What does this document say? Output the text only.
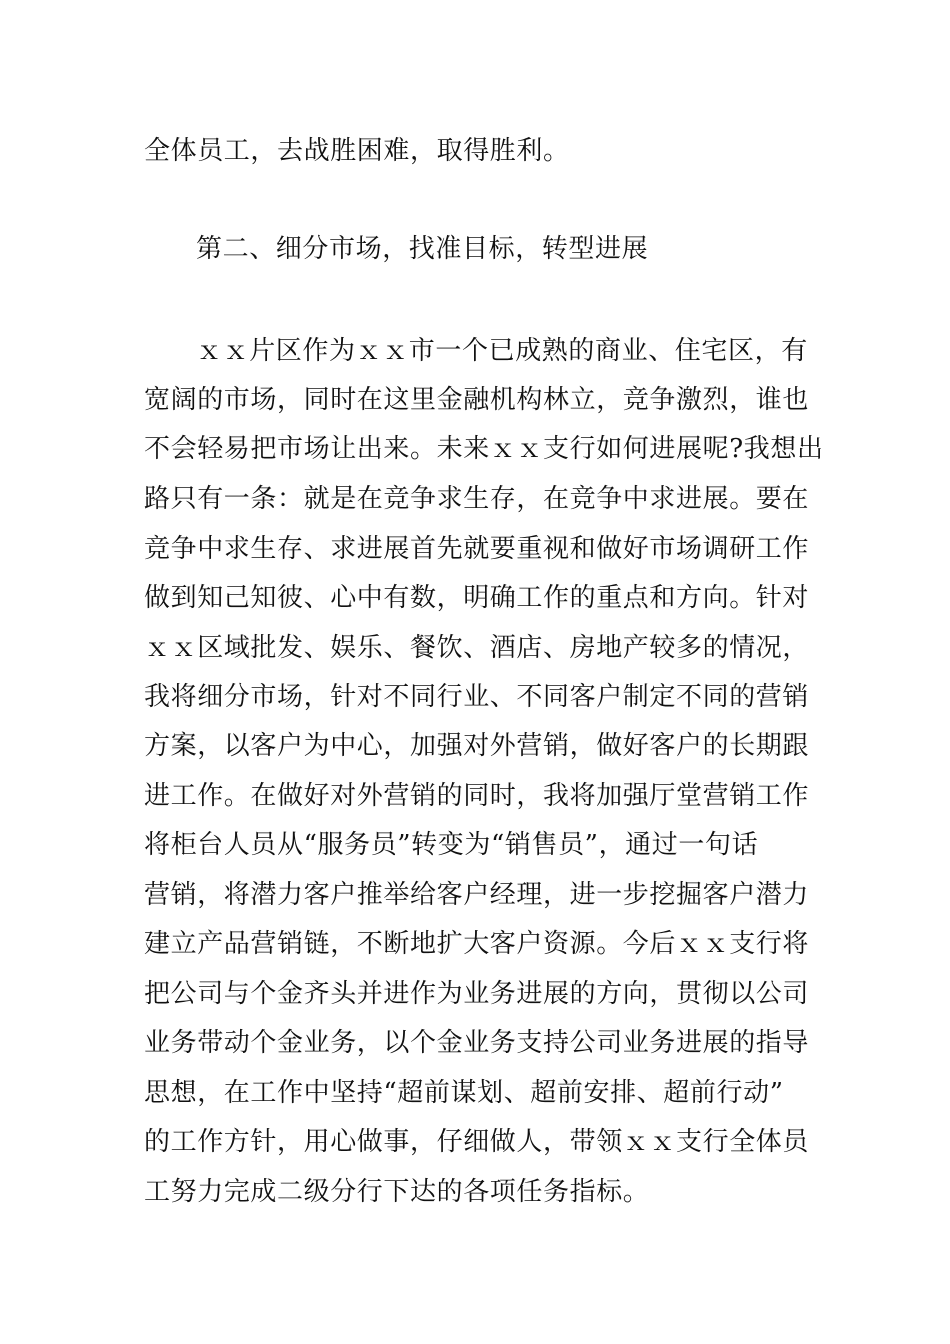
全体员工，去战胜困难，取得胜利。
第二、细分市场，找准目标，转型进展
ｘｘ片区作为ｘｘ市一个已成熟的商业、住宅区，有
宽阔的市场，同时在这里金融机构林立，竞争激烈，谁也
不会轻易把市场让出来。未来ｘｘ支行如何进展呢?我想出
路只有一条：就是在竞争求生存，在竞争中求进展。要在
竞争中求生存、求进展首先就要重视和做好市场调研工作
做到知己知彼、心中有数，明确工作的重点和方向。针对
ｘｘ区域批发、娱乐、餐饮、酒店、房地产较多的情况，
我将细分市场，针对不同行业、不同客户制定不同的营销
方案，以客户为中心，加强对外营销，做好客户的长期跟
进工作。在做好对外营销的同时，我将加强厅堂营销工作
将柜台人员从“服务员”转变为“销售员”，通过一句话
营销，将潜力客户推举给客户经理，进一步挖掘客户潜力
建立产品营销链，不断地扩大客户资源。今后ｘｘ支行将
把公司与个金齐头并进作为业务进展的方向，贯彻以公司
业务带动个金业务，以个金业务支持公司业务进展的指导
思想，在工作中坚持“超前谋划、超前安排、超前行动”
的工作方针，用心做事，仔细做人，带领ｘｘ支行全体员
工努力完成二级分行下达的各项任务指标。
